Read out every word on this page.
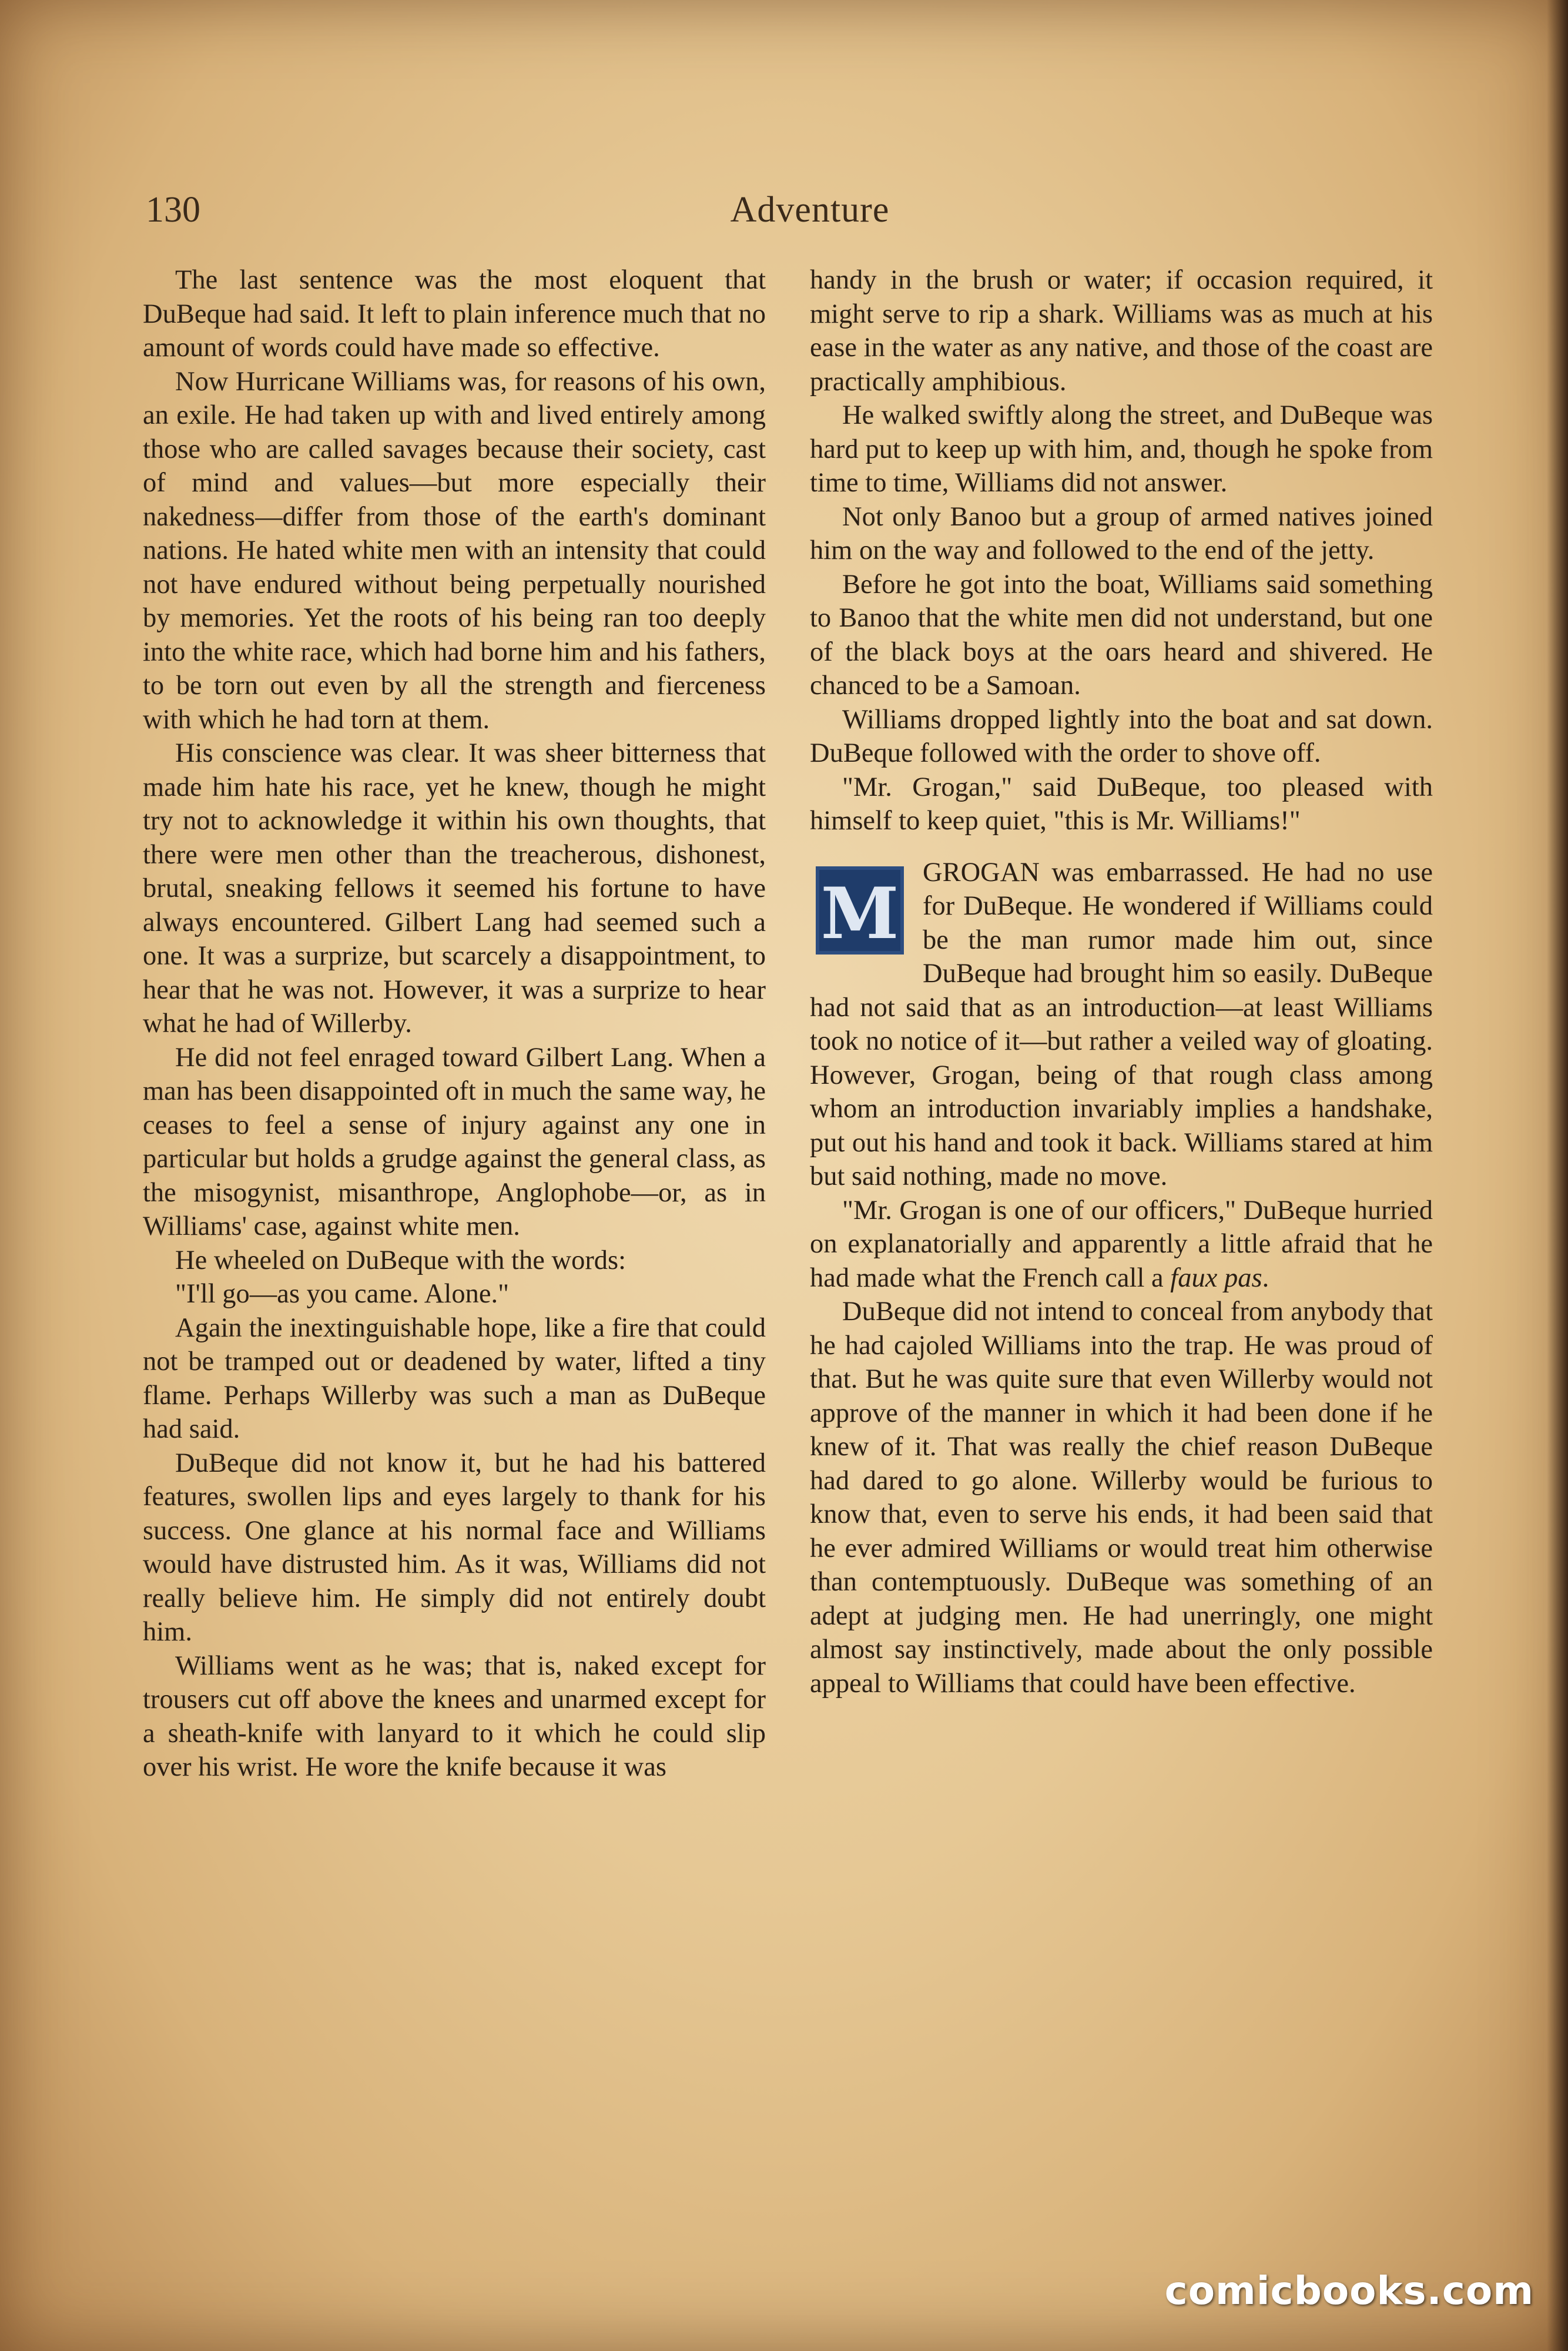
130	Adventure

The last sentence was the most eloquent that DuBeque had said. It left to plain inference much that no amount of words could have made so effective.

Now Hurricane Williams was, for reasons of his own, an exile. He had taken up with and lived entirely among those who are called savages because their society, cast of mind and values—but more especially their nakedness—differ from those of the earth's dominant nations. He hated white men with an intensity that could not have endured without being perpetually nourished by memories. Yet the roots of his being ran too deeply into the white race, which had borne him and his fathers, to be torn out even by all the strength and fierceness with which he had torn at them.

His conscience was clear. It was sheer bitterness that made him hate his race, yet he knew, though he might try not to acknowledge it within his own thoughts, that there were men other than the treacherous, dishonest, brutal, sneaking fellows it seemed his fortune to have always encountered. Gilbert Lang had seemed such a one. It was a surprize, but scarcely a disappointment, to hear that he was not. However, it was a surprize to hear what he had of Willerby.

He did not feel enraged toward Gilbert Lang. When a man has been disappointed oft in much the same way, he ceases to feel a sense of injury against any one in particular but holds a grudge against the general class, as the misogynist, misanthrope, Anglophobe—or, as in Williams' case, against white men.

He wheeled on DuBeque with the words:

"I'll go—as you came. Alone."

Again the inextinguishable hope, like a fire that could not be tramped out or deadened by water, lifted a tiny flame. Perhaps Willerby was such a man as DuBeque had said.

DuBeque did not know it, but he had his battered features, swollen lips and eyes largely to thank for his success. One glance at his normal face and Williams would have distrusted him. As it was, Williams did not really believe him. He simply did not entirely doubt him.

Williams went as he was; that is, naked except for trousers cut off above the knees and unarmed except for a sheath-knife with lanyard to it which he could slip over his wrist. He wore the knife because it was

handy in the brush or water; if occasion required, it might serve to rip a shark. Williams was as much at his ease in the water as any native, and those of the coast are practically amphibious.

He walked swiftly along the street, and DuBeque was hard put to keep up with him, and, though he spoke from time to time, Williams did not answer.

Not only Banoo but a group of armed natives joined him on the way and followed to the end of the jetty.

Before he got into the boat, Williams said something to Banoo that the white men did not understand, but one of the black boys at the oars heard and shivered. He chanced to be a Samoan.

Williams dropped lightly into the boat and sat down. DuBeque followed with the order to shove off.

"Mr. Grogan," said DuBeque, too pleased with himself to keep quiet, "this is Mr. Williams!"

M GROGAN was embarrassed. He had no use for DuBeque. He wondered if Williams could be the man rumor made him out, since DuBeque had brought him so easily. DuBeque had not said that as an introduction—at least Williams took no notice of it—but rather a veiled way of gloating. However, Grogan, being of that rough class among whom an introduction invariably implies a handshake, put out his hand and took it back. Williams stared at him but said nothing, made no move.

"Mr. Grogan is one of our officers," DuBeque hurried on explanatorially and apparently a little afraid that he had made what the French call a faux pas.

DuBeque did not intend to conceal from anybody that he had cajoled Williams into the trap. He was proud of that. But he was quite sure that even Willerby would not approve of the manner in which it had been done if he knew of it. That was really the chief reason DuBeque had dared to go alone. Willerby would be furious to know that, even to serve his ends, it had been said that he ever admired Williams or would treat him otherwise than contemptuously. DuBeque was something of an adept at judging men. He had unerringly, one might almost say instinctively, made about the only possible appeal to Williams that could have been effective.

comicbooks.com
